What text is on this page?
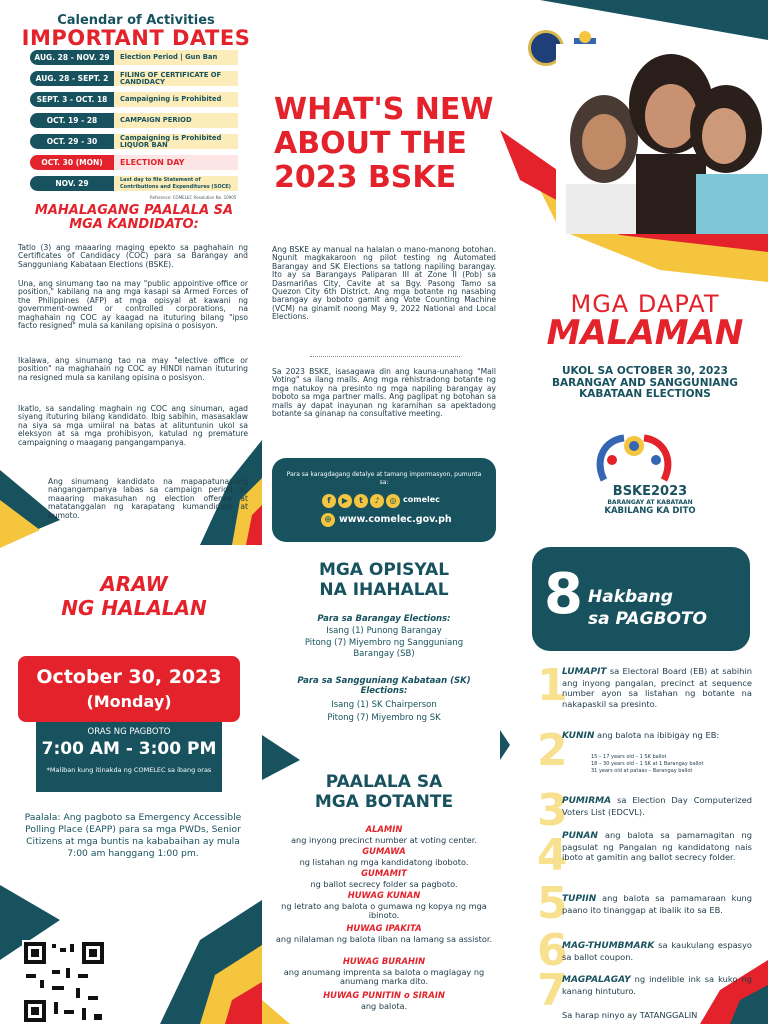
Calendar of Activities
IMPORTANT DATES
AUG. 28 - NOV. 29	Election Period | Gun Ban
AUG. 28 - SEPT. 2	FILING OF CERTIFICATE OF CANDIDACY
SEPT. 3 - OCT. 18	Campaigning is Prohibited
OCT. 19 - 28	CAMPAIGN PERIOD
OCT. 29 - 30	Campaigning is Prohibited LIQUOR BAN
OCT. 30 (MON)	ELECTION DAY
NOV. 29	Last day to file Statement of Contributions and Expenditures (SOCE)
Reference: COMELEC Resolution No. 10905
MAHALAGANG PAALALA SA MGA KANDIDATO:
Tatlo (3) ang maaaring maging epekto sa paghahain ng Certificates of Candidacy (COC) para sa Barangay and Sangguniang Kabataan Elections (BSKE).
Una, ang sinumang tao na may "public appointive office or position," kabilang na ang mga kasapi sa Armed Forces of the Philippines (AFP) at mga opisyal at kawani ng government-owned or controlled corporations, na maghahain ng COC ay kaagad na ituturing bilang "ipso facto resigned" mula sa kanilang opisina o posisyon.
Ikalawa, ang sinumang tao na may "elective office or position" na maghahain ng COC ay HINDI naman ituturing na resigned mula sa kanilang opisina o posisyon.
Ikatlo, sa sandaling maghain ng COC ang sinuman, agad siyang ituturing bilang kandidato. Ibig sabihin, masasaklaw na siya sa mga umiiral na batas at alituntunin ukol sa eleksyon at sa mga prohibisyon, katulad ng premature campaigning o maagang pangangampanya.
Ang sinumang kandidato na mapapatunayang nangangampanya labas sa campaign period ay maaaring makasuhan ng election offense at matatanggalan ng karapatang kumandidato at bumoto.
WHAT'S NEW ABOUT THE 2023 BSKE
Ang BSKE ay manual na halalan o mano-manong botohan. Ngunit magkakaroon ng pilot testing ng Automated Barangay and SK Elections sa tatlong napiling barangay. Ito ay sa Barangays Paliparan III at Zone II (Pob) sa Dasmariñas City, Cavite at sa Bgy. Pasong Tamo sa Quezon City 6th District. Ang mga botante ng nasabing barangay ay boboto gamit ang Vote Counting Machine (VCM) na ginamit noong May 9, 2022 National and Local Elections.
Sa 2023 BSKE, isasagawa din ang kauna-unahang "Mall Voting" sa ilang malls. Ang mga rehistradong botante ng mga natukoy na presinto ng mga napiling barangay ay boboto sa mga partner malls. Ang paglipat ng botohan sa malls ay dapat inayunan ng karamihan sa apektadong botante sa ginanap na consultative meeting.
Para sa karagdagang detalye at tamang impormasyon, pumunta sa:
f	▶	t	♪	◎ comelec
⊕ www.comelec.gov.ph
MGA DAPAT
MALAMAN
UKOL SA OCTOBER 30, 2023 BARANGAY AND SANGGUNIANG KABATAAN ELECTIONS
BSKE2023
BARANGAY AT KABATAAN
KABILANG KA DITO
ARAW
NG HALALAN
October 30, 2023
(Monday)
ORAS NG PAGBOTO
7:00 AM - 3:00 PM
*Maliban kung itinakda ng COMELEC sa ibang oras
Paalala: Ang pagboto sa Emergency Accessible Polling Place (EAPP) para sa mga PWDs, Senior Citizens at mga buntis na kababaihan ay mula 7:00 am hanggang 1:00 pm.
MGA OPISYAL
NA IHAHALAL
Para sa Barangay Elections:
Isang (1) Punong Barangay
Pitong (7) Miyembro ng Sangguniang Barangay (SB)
Para sa Sangguniang Kabataan (SK) Elections:
Isang (1) SK Chairperson
Pitong (7) Miyembro ng SK
PAALALA SA
MGA BOTANTE
ALAMIN
ang inyong precinct number at voting center.
GUMAWA
ng listahan ng mga kandidatong iboboto.
GUMAMIT
ng ballot secrecy folder sa pagboto.
HUWAG KUNAN
ng letrato ang balota o gumawa ng kopya ng mga ibinoto.
HUWAG IPAKITA
ang nilalaman ng balota liban na lamang sa assistor.
HUWAG BURAHIN
ang anumang imprenta sa balota o maglagay ng anumang marka dito.
HUWAG PUNITIN o SIRAIN
ang balota.
8 Hakbang
sa PAGBOTO
1
2
3
4
5
6
7
LUMAPIT sa Electoral Board (EB) at sabihin ang inyong pangalan, precinct at sequence number ayon sa listahan ng botante na nakapaskil sa presinto.
KUNIN ang balota na ibibigay ng EB:
15 – 17 years old – 1 SK ballot
18 – 30 years old – 1 SK at 1 Barangay ballot
31 years old at pataas – Barangay ballot
PUMIRMA sa Election Day Computerized Voters List (EDCVL).
PUNAN ang balota sa pamamagitan ng pagsulat ng Pangalan ng kandidatong nais iboto at gamitin ang ballot secrecy folder.
TUPIIN ang balota sa pamamaraan kung paano ito tinanggap at ibalik ito sa EB.
MAG-THUMBMARK sa kaukulang espasyo sa ballot coupon.
MAGPALAGAY ng indelible ink sa kuko ng kanang hintuturo.
Sa harap ninyo ay TATANGGALIN
